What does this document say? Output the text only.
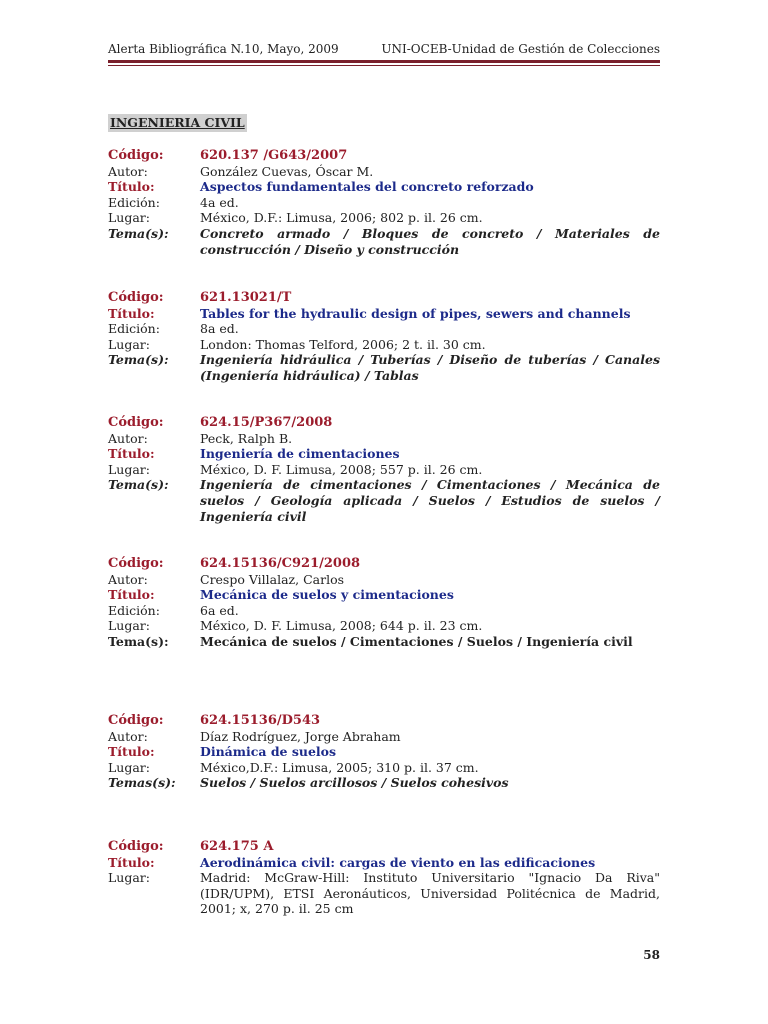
Alerta Bibliográfica N.10, Mayo, 2009	UNI-OCEB-Unidad de Gestión de Colecciones
INGENIERIA CIVIL
Código:	620.137 /G643/2007
Autor:	González Cuevas, Óscar M.
Título:	Aspectos fundamentales del concreto reforzado
Edición:	4a ed.
Lugar:	México, D.F.: Limusa, 2006; 802 p. il. 26 cm.
Tema(s):	Concreto armado / Bloques de concreto / Materiales de construcción / Diseño y construcción
Código:	621.13021/T
Título:	Tables for the hydraulic design of pipes, sewers and channels
Edición:	8a ed.
Lugar:	London: Thomas Telford, 2006; 2 t. il. 30 cm.
Tema(s):	Ingeniería hidráulica / Tuberías / Diseño de tuberías / Canales (Ingeniería hidráulica) / Tablas
Código:	624.15/P367/2008
Autor:	Peck, Ralph B.
Título:	Ingeniería de cimentaciones
Lugar:	México, D. F. Limusa, 2008; 557 p. il. 26 cm.
Tema(s):	Ingeniería de cimentaciones / Cimentaciones / Mecánica de suelos / Geología aplicada / Suelos / Estudios de suelos / Ingeniería civil
Código:	624.15136/C921/2008
Autor:	Crespo Villalaz, Carlos
Título:	Mecánica de suelos y cimentaciones
Edición:	6a ed.
Lugar:	México, D. F. Limusa, 2008; 644 p. il. 23 cm.
Tema(s):	Mecánica de suelos / Cimentaciones / Suelos / Ingeniería civil
Código:	624.15136/D543
Autor:	Díaz Rodríguez, Jorge Abraham
Título:	Dinámica de suelos
Lugar:	México,D.F.: Limusa, 2005; 310 p. il. 37 cm.
Temas(s):	Suelos / Suelos arcillosos / Suelos cohesivos
Código:	624.175 A
Título:	Aerodinámica civil: cargas de viento en las edificaciones
Lugar:	Madrid: McGraw-Hill: Instituto Universitario "Ignacio Da Riva" (IDR/UPM), ETSI Aeronáuticos, Universidad Politécnica de Madrid, 2001; x, 270 p. il. 25 cm
58
